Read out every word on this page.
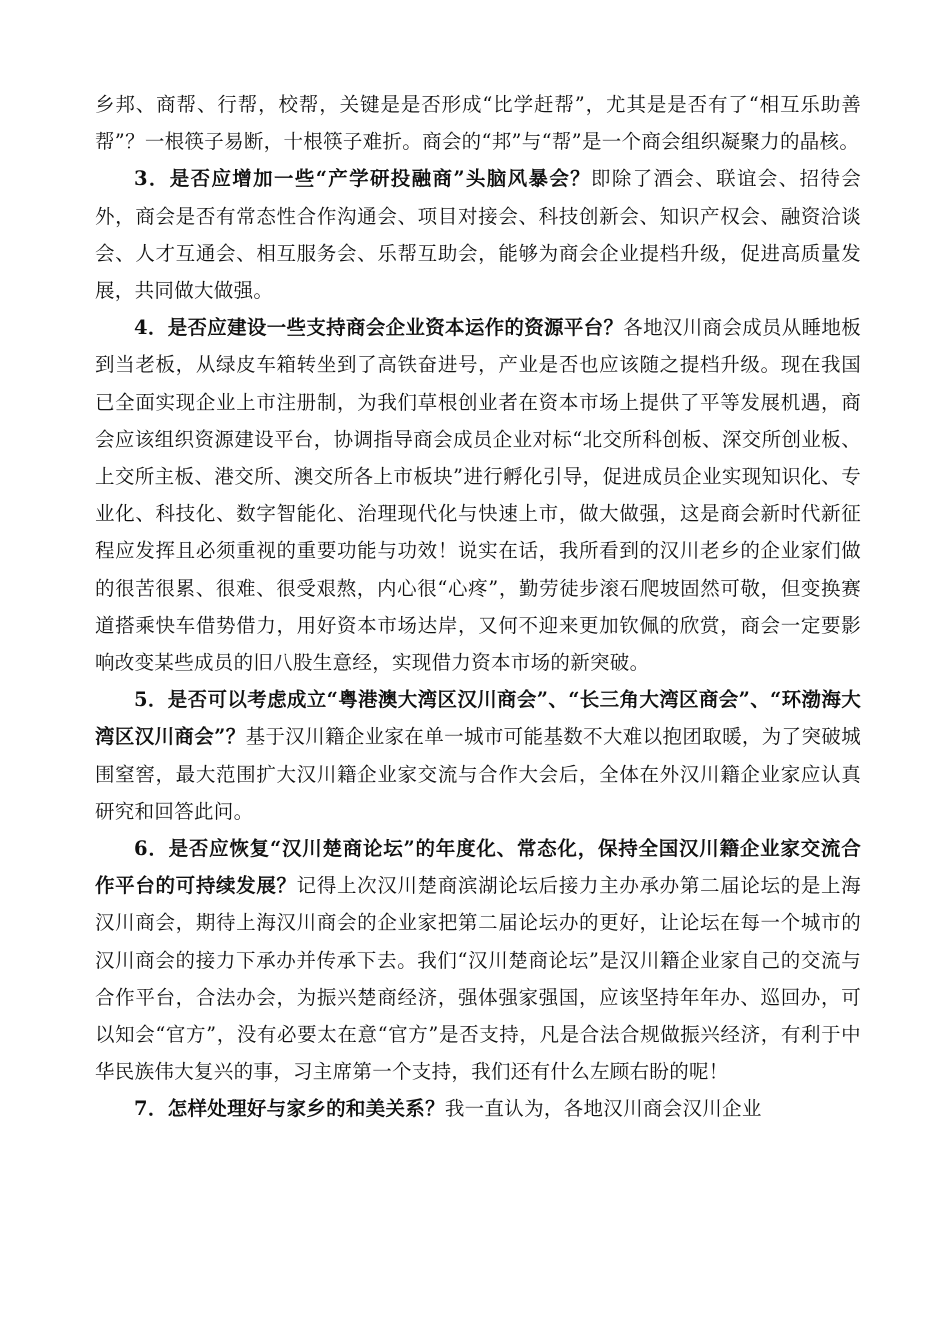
乡邦、商帮、行帮，校帮，关键是是否形成“比学赶帮”，尤其是是否有了“相互乐助善帮”？一根筷子易断，十根筷子难折。商会的“邦”与“帮”是一个商会组织凝聚力的晶核。

3．是否应增加一些“产学研投融商”头脑风暴会？即除了酒会、联谊会、招待会外，商会是否有常态性合作沟通会、项目对接会、科技创新会、知识产权会、融资洽谈会、人才互通会、相互服务会、乐帮互助会，能够为商会企业提档升级，促进高质量发展，共同做大做强。

4．是否应建设一些支持商会企业资本运作的资源平台？各地汉川商会成员从睡地板到当老板，从绿皮车箱转坐到了高铁奋进号，产业是否也应该随之提档升级。现在我国已全面实现企业上市注册制，为我们草根创业者在资本市场上提供了平等发展机遇，商会应该组织资源建设平台，协调指导商会成员企业对标“北交所科创板、深交所创业板、上交所主板、港交所、澳交所各上市板块”进行孵化引导，促进成员企业实现知识化、专业化、科技化、数字智能化、治理现代化与快速上市，做大做强，这是商会新时代新征程应发挥且必须重视的重要功能与功效！说实在话，我所看到的汉川老乡的企业家们做的很苦很累、很难、很受艰熬，内心很“心疼”，勤劳徒步滚石爬坡固然可敬，但变换赛道搭乘快车借势借力，用好资本市场达岸，又何不迎来更加钦佩的欣赏，商会一定要影响改变某些成员的旧八股生意经，实现借力资本市场的新突破。

5．是否可以考虑成立“粤港澳大湾区汉川商会”、“长三角大湾区商会”、“环渤海大湾区汉川商会”？基于汉川籍企业家在单一城市可能基数不大难以抱团取暖，为了突破城围窒窖，最大范围扩大汉川籍企业家交流与合作大会后，全体在外汉川籍企业家应认真研究和回答此问。

6．是否应恢复“汉川楚商论坛”的年度化、常态化，保持全国汉川籍企业家交流合作平台的可持续发展？记得上次汉川楚商滨湖论坛后接力主办承办第二届论坛的是上海汉川商会，期待上海汉川商会的企业家把第二届论坛办的更好，让论坛在每一个城市的汉川商会的接力下承办并传承下去。我们“汉川楚商论坛”是汉川籍企业家自己的交流与合作平台，合法办会，为振兴楚商经济，强体强家强国，应该坚持年年办、巡回办，可以知会“官方”，没有必要太在意“官方”是否支持，凡是合法合规做振兴经济，有利于中华民族伟大复兴的事，习主席第一个支持，我们还有什么左顾右盼的呢！

7．怎样处理好与家乡的和美关系？我一直认为，各地汉川商会汉川企业
